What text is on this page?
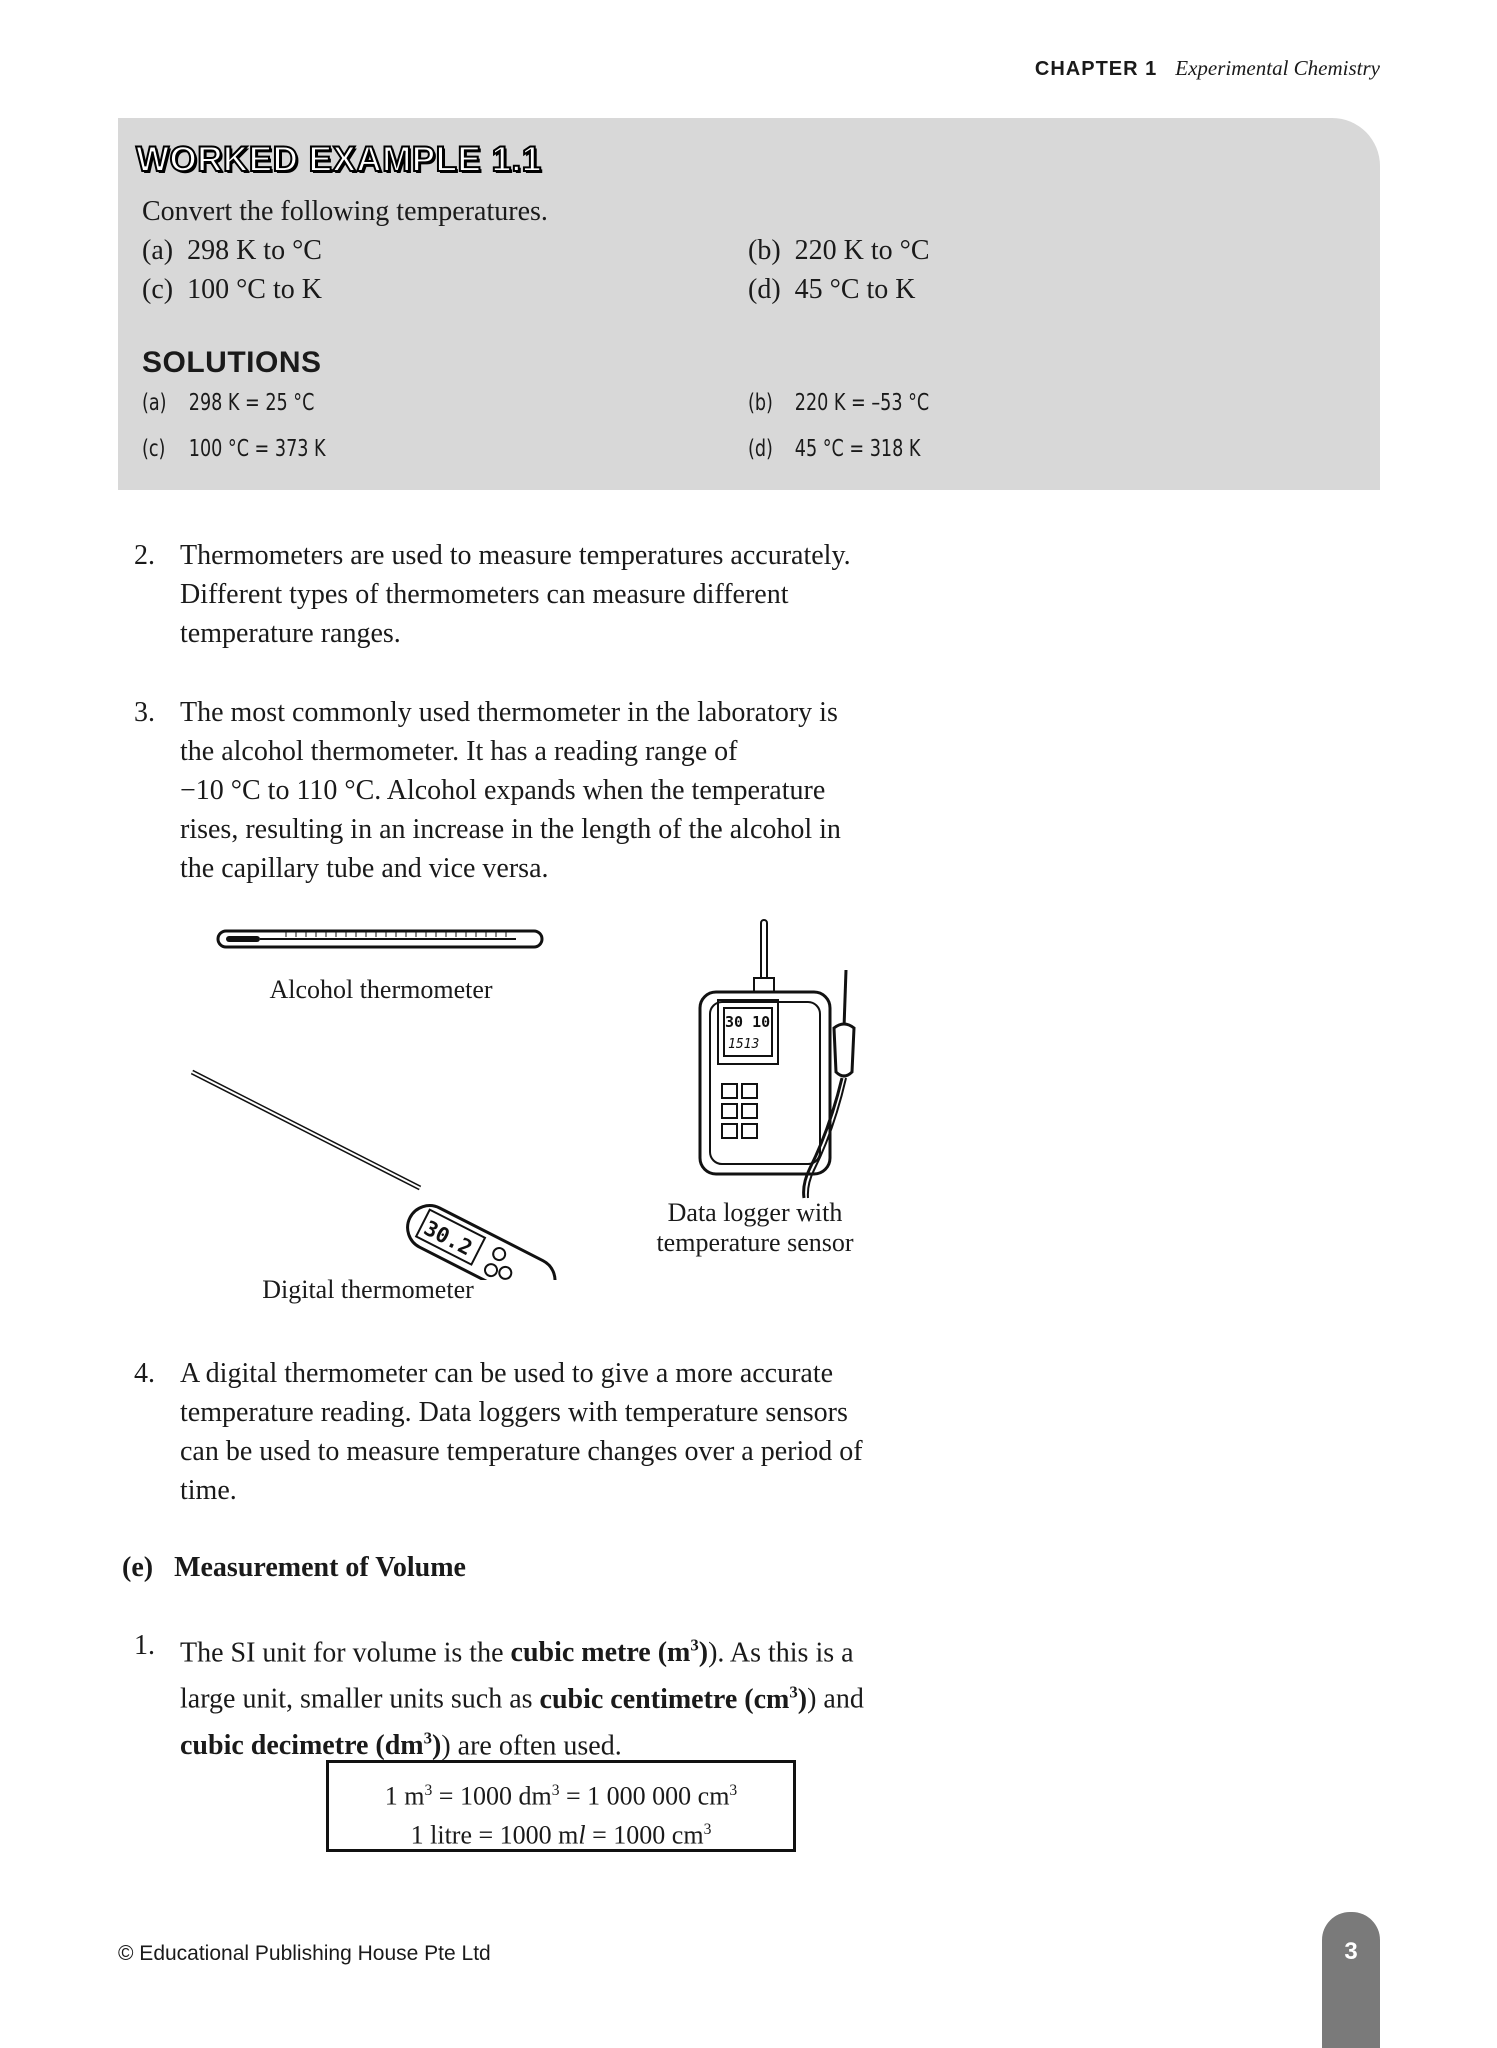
CHAPTER 1 Experimental Chemistry
WORKED EXAMPLE 1.1
Convert the following temperatures.
(a) 298 K to °C	(b) 220 K to °C
(c) 100 °C to K	(d) 45 °C to K
SOLUTIONS
(a) 298 K = 25 °C	(b) 220 K = –53 °C
(c) 100 °C = 373 K	(d) 45 °C = 318 K
2. Thermometers are used to measure temperatures accurately.
Different types of thermometers can measure different
temperature ranges.
3. The most commonly used thermometer in the laboratory is
the alcohol thermometer. It has a reading range of
−10 °C to 110 °C. Alcohol expands when the temperature
rises, resulting in an increase in the length of the alcohol in
the capillary tube and vice versa.
Alcohol thermometer
30.2
Digital thermometer
30 10
1513
Data logger with
temperature sensor
4. A digital thermometer can be used to give a more accurate
temperature reading. Data loggers with temperature sensors
can be used to measure temperature changes over a period of
time.
(e) Measurement of Volume
1. The SI unit for volume is the cubic metre $(m^3)$). As this is a
large unit, smaller units such as cubic centimetre $(cm^3)$) and
cubic decimetre $(dm^3)$) are often used.
1 $m^3 = 1000$ $dm^3 = 1$ 000 000 $cm^3$
1 litre = 1000 ml = 1000 $cm^3$
© Educational Publishing House Pte Ltd	3
